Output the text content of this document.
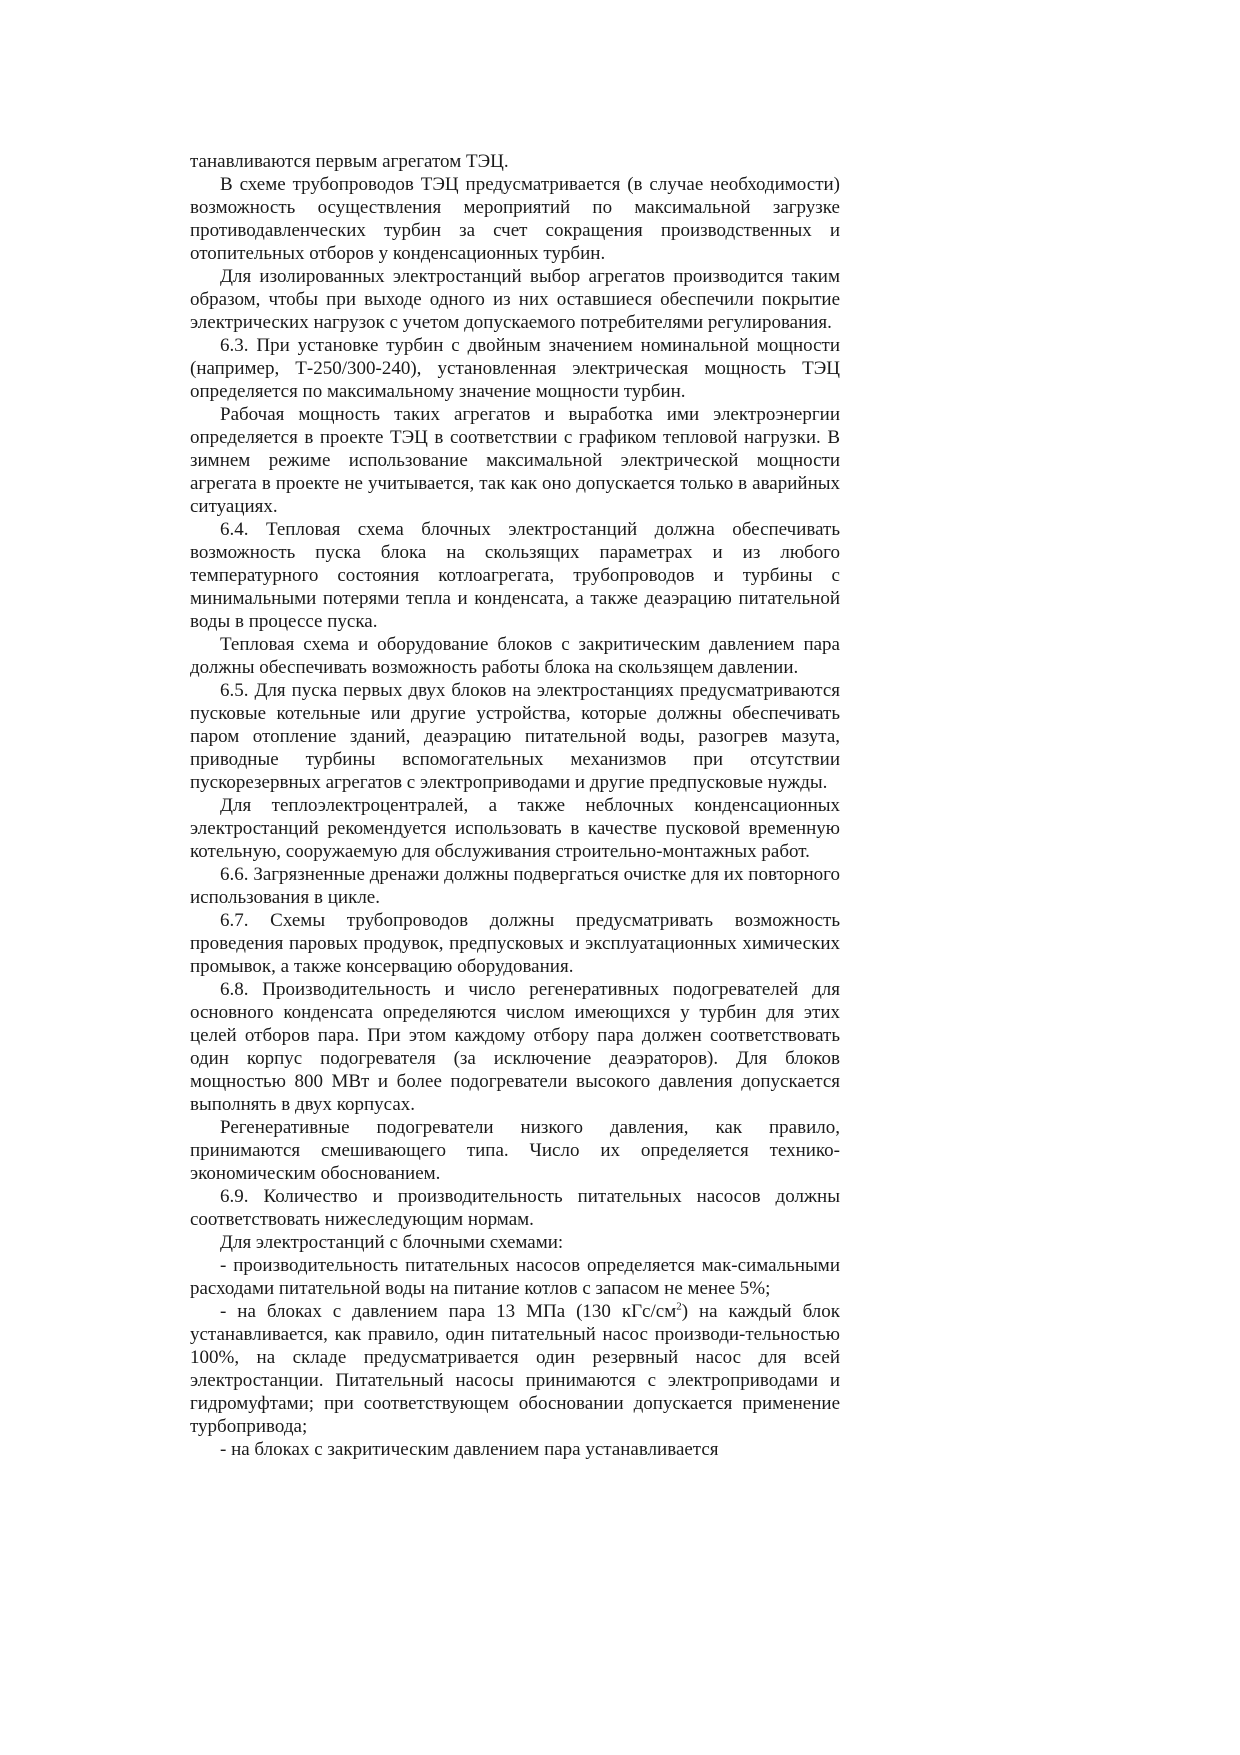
танавливаются первым агрегатом ТЭЦ.

В схеме трубопроводов ТЭЦ предусматривается (в случае необходимости) возможность осуществления мероприятий по максимальной загрузке противодавленческих турбин за счет сокращения производственных и отопительных отборов у конденсационных турбин.

Для изолированных электростанций выбор агрегатов производится таким образом, чтобы при выходе одного из них оставшиеся обеспечили покрытие электрических нагрузок с учетом допускаемого потребителями регулирования.

6.3. При установке турбин с двойным значением номинальной мощности (например, Т-250/300-240), установленная электрическая мощность ТЭЦ определяется по максимальному значение мощности турбин.

Рабочая мощность таких агрегатов и выработка ими электроэнергии определяется в проекте ТЭЦ в соответствии с графиком тепловой нагрузки. В зимнем режиме использование максимальной электрической мощности агрегата в проекте не учитывается, так как оно допускается только в аварийных ситуациях.

6.4. Тепловая схема блочных электростанций должна обеспечивать возможность пуска блока на скользящих параметрах и из любого температурного состояния котлоагрегата, трубопроводов и турбины с минимальными потерями тепла и конденсата, а также деаэрацию питательной воды в процессе пуска.

Тепловая схема и оборудование блоков с закритическим давлением пара должны обеспечивать возможность работы блока на скользящем давлении.

6.5. Для пуска первых двух блоков на электростанциях предусматриваются пусковые котельные или другие устройства, которые должны обеспечивать паром отопление зданий, деаэрацию питательной воды, разогрев мазута, приводные турбины вспомогательных механизмов при отсутствии пускорезервных агрегатов с электроприводами и другие предпусковые нужды.

Для теплоэлектроцентралей, а также неблочных конденсационных электростанций рекомендуется использовать в качестве пусковой временную котельную, сооружаемую для обслуживания строительно-монтажных работ.

6.6. Загрязненные дренажи должны подвергаться очистке для их повторного использования в цикле.

6.7. Схемы трубопроводов должны предусматривать возможность проведения паровых продувок, предпусковых и эксплуатационных химических промывок, а также консервацию оборудования.

6.8. Производительность и число регенеративных подогревателей для основного конденсата определяются числом имеющихся у турбин для этих целей отборов пара. При этом каждому отбору пара должен соответствовать один корпус подогревателя (за исключение деаэраторов). Для блоков мощностью 800 МВт и более подогреватели высокого давления допускается выполнять в двух корпусах.

Регенеративные подогреватели низкого давления, как правило, принимаются смешивающего типа. Число их определяется технико-экономическим обоснованием.

6.9. Количество и производительность питательных насосов должны соответствовать нижеследующим нормам.

Для электростанций с блочными схемами:

- производительность питательных насосов определяется мак-симальными расходами питательной воды на питание котлов с запасом не менее 5%;

- на блоках с давлением пара 13 МПа (130 кГс/$см^2$) на каждый блок устанавливается, как правило, один питательный насос производи-тельностью 100%, на складе предусматривается один резервный насос для всей электростанции. Питательный насосы принимаются с электроприводами и гидромуфтами; при соответствующем обосновании допускается применение турбопривода;

- на блоках с закритическим давлением пара устанавливается
